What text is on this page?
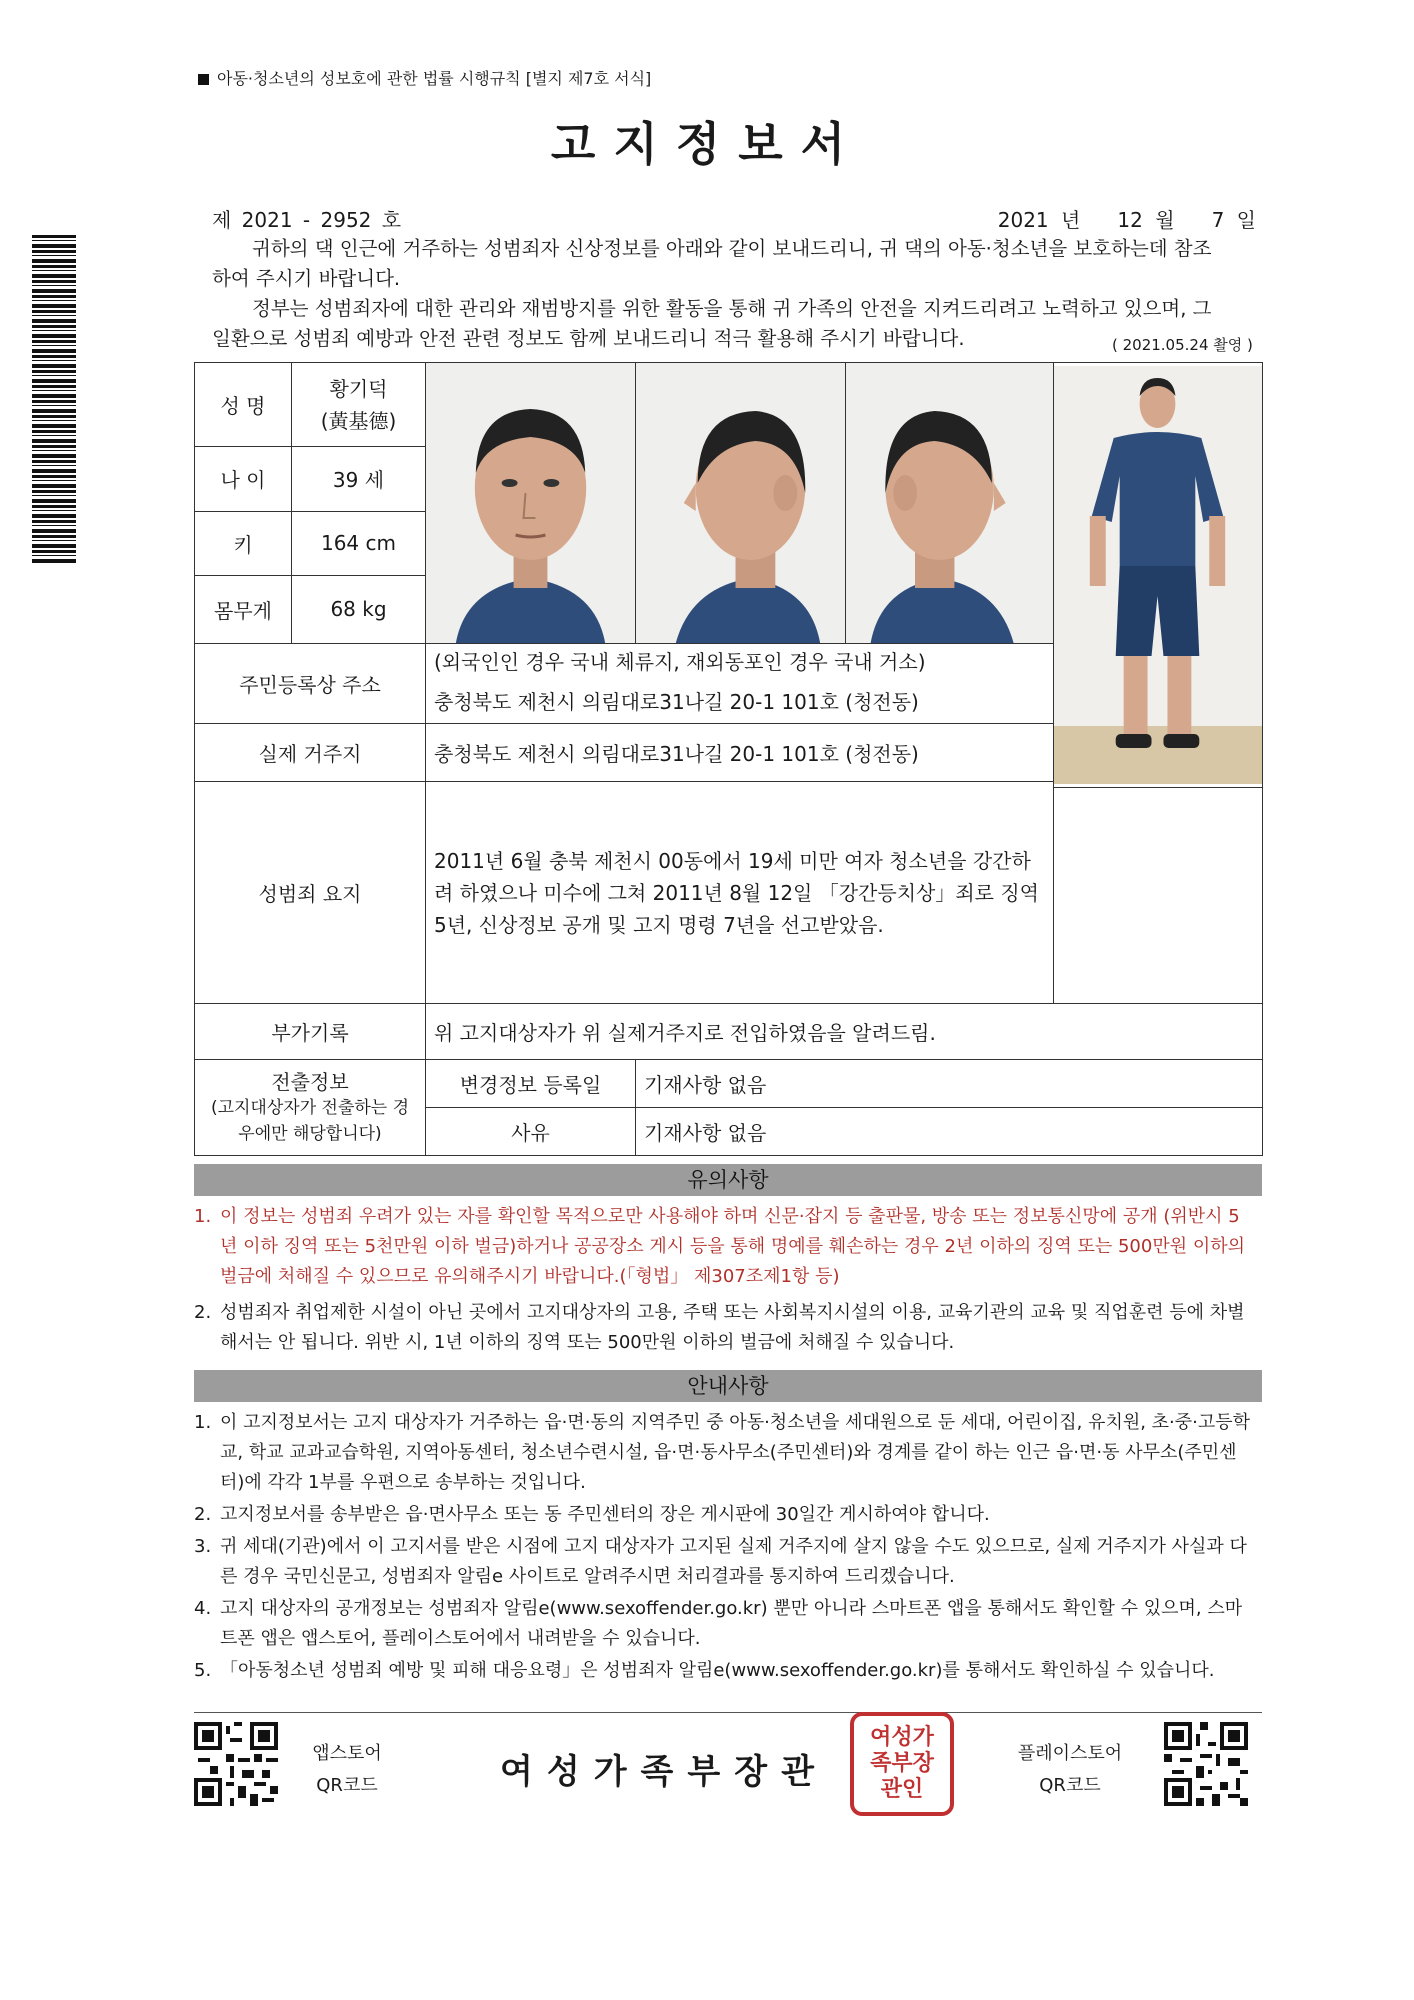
아동·청소년의 성보호에 관한 법률 시행규칙 [별지 제7호 서식]
고지정보서
제 2021 - 2952 호	2021 년   12 월   7 일
귀하의 댁 인근에 거주하는 성범죄자 신상정보를 아래와 같이 보내드리니, 귀 댁의 아동·청소년을 보호하는데 참조하여 주시기 바랍니다.
정부는 성범죄자에 대한 관리와 재범방지를 위한 활동을 통해 귀 가족의 안전을 지켜드리려고 노력하고 있으며, 그 일환으로 성범죄 예방과 안전 관련 정보도 함께 보내드리니 적극 활용해 주시기 바랍니다.	( 2021.05.24 촬영 )
성 명	황기덕
(黃基德)

나 이	39 세				
키	164 cm				
몸무게	68 kg				
주민등록상 주소		(외국인인 경우 국내 체류지, 재외동포인 경우 국내 거소)			
		충청북도 제천시 의림대로31나길 20-1 101호 (청전동)			
실제 거주지		충청북도 제천시 의림대로31나길 20-1 101호 (청전동)			
성범죄 요지		2011년 6월 충북 제천시 00동에서 19세 미만 여자 청소년을 강간하려 하였으나 미수에 그쳐 2011년 8월 12일 「강간등치상」죄로 징역 5년, 신상정보 공개 및 고지 명령 7년을 선고받았음.			

부가기록		위 고지대상자가 위 실제거주지로 전입하였음을 알려드림.			

전출정보
(고지대상자가 전출하는 경우에만 해당합니다)		변경정보 등록일	기재사항 없음		
		사유	기재사항 없음		
유의사항
1. 이 정보는 성범죄 우려가 있는 자를 확인할 목적으로만 사용해야 하며 신문·잡지 등 출판물, 방송 또는 정보통신망에 공개 (위반시 5년 이하 징역 또는 5천만원 이하 벌금)하거나 공공장소 게시 등을 통해 명예를 훼손하는 경우 2년 이하의 징역 또는 500만원 이하의 벌금에 처해질 수 있으므로 유의해주시기 바랍니다.(「형법」 제307조제1항 등)
2. 성범죄자 취업제한 시설이 아닌 곳에서 고지대상자의 고용, 주택 또는 사회복지시설의 이용, 교육기관의 교육 및 직업훈련 등에 차별해서는 안 됩니다. 위반 시, 1년 이하의 징역 또는 500만원 이하의 벌금에 처해질 수 있습니다.
안내사항
1. 이 고지정보서는 고지 대상자가 거주하는 읍·면·동의 지역주민 중 아동·청소년을 세대원으로 둔 세대, 어린이집, 유치원, 초·중·고등학교, 학교 교과교습학원, 지역아동센터, 청소년수련시설, 읍·면·동사무소(주민센터)와 경계를 같이 하는 인근 읍·면·동 사무소(주민센터)에 각각 1부를 우편으로 송부하는 것입니다.
2. 고지정보서를 송부받은 읍·면사무소 또는 동 주민센터의 장은 게시판에 30일간 게시하여야 합니다.
3. 귀 세대(기관)에서 이 고지서를 받은 시점에 고지 대상자가 고지된 실제 거주지에 살지 않을 수도 있으므로, 실제 거주지가 사실과 다른 경우 국민신문고, 성범죄자 알림e 사이트로 알려주시면 처리결과를 통지하여 드리겠습니다.
4. 고지 대상자의 공개정보는 성범죄자 알림e(www.sexoffender.go.kr) 뿐만 아니라 스마트폰 앱을 통해서도 확인할 수 있으며, 스마트폰 앱은 앱스토어, 플레이스토어에서 내려받을 수 있습니다.
5. 「아동청소년 성범죄 예방 및 피해 대응요령」은 성범죄자 알림e(www.sexoffender.go.kr)를 통해서도 확인하실 수 있습니다.
앱스토어
QR코드	여성가족부장관
여성가족부장관인
플레이스토어
QR코드
